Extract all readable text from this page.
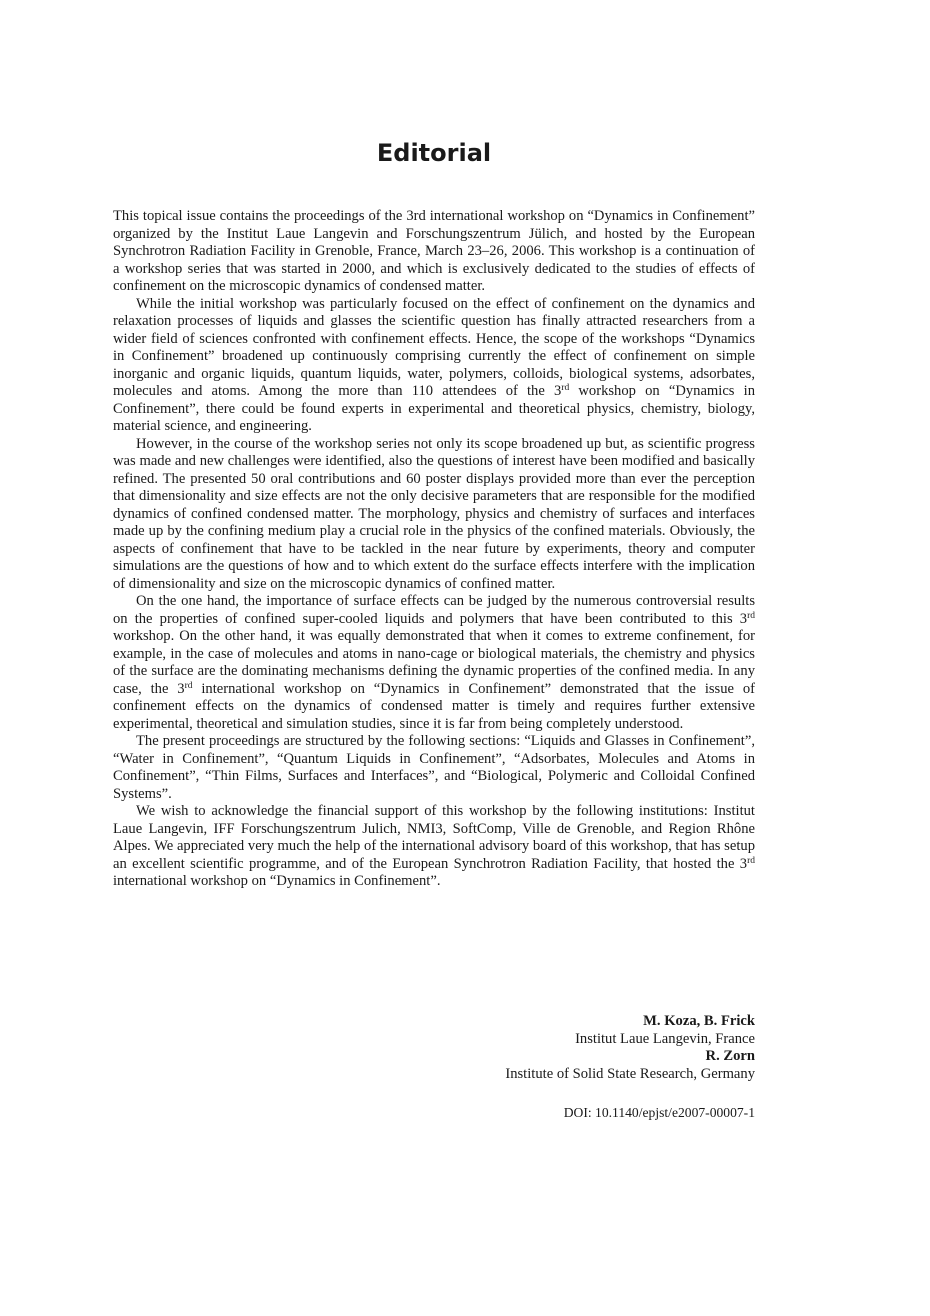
Editorial

This topical issue contains the proceedings of the 3rd international workshop on “Dynamics in Confinement” organized by the Institut Laue Langevin and Forschungszentrum Jülich, and hosted by the European Synchrotron Radiation Facility in Grenoble, France, March 23–26, 2006. This workshop is a continuation of a workshop series that was started in 2000, and which is exclusively dedicated to the studies of effects of confinement on the microscopic dynamics of condensed matter.

While the initial workshop was particularly focused on the effect of confinement on the dynamics and relaxation processes of liquids and glasses the scientific question has finally attracted researchers from a wider field of sciences confronted with confinement effects. Hence, the scope of the workshops “Dynamics in Confinement” broadened up continuously comprising currently the effect of confinement on simple inorganic and organic liquids, quantum liquids, water, polymers, colloids, biological systems, adsorbates, molecules and atoms. Among the more than 110 attendees of the 3rd workshop on “Dynamics in Confinement”, there could be found experts in experimental and theoretical physics, chemistry, biology, material science, and engineering.

However, in the course of the workshop series not only its scope broadened up but, as scientific progress was made and new challenges were identified, also the questions of interest have been modified and basically refined. The presented 50 oral contributions and 60 poster displays provided more than ever the perception that dimensionality and size effects are not the only decisive parameters that are responsible for the modified dynamics of confined condensed matter. The morphology, physics and chemistry of surfaces and interfaces made up by the confining medium play a crucial role in the physics of the confined materials. Obviously, the aspects of confinement that have to be tackled in the near future by experiments, theory and computer simulations are the questions of how and to which extent do the surface effects interfere with the implication of dimensionality and size on the microscopic dynamics of confined matter.

On the one hand, the importance of surface effects can be judged by the numerous controversial results on the properties of confined super-cooled liquids and polymers that have been contributed to this 3rd workshop. On the other hand, it was equally demonstrated that when it comes to extreme confinement, for example, in the case of molecules and atoms in nano-cage or biological materials, the chemistry and physics of the surface are the dominating mechanisms defining the dynamic properties of the confined media. In any case, the 3rd international workshop on “Dynamics in Confinement” demonstrated that the issue of confinement effects on the dynamics of condensed matter is timely and requires further extensive experimental, theoretical and simulation studies, since it is far from being completely understood.

The present proceedings are structured by the following sections: “Liquids and Glasses in Confinement”, “Water in Confinement”, “Quantum Liquids in Confinement”, “Adsorbates, Molecules and Atoms in Confinement”, “Thin Films, Surfaces and Interfaces”, and “Biological, Polymeric and Colloidal Confined Systems”.

We wish to acknowledge the financial support of this workshop by the following institutions: Institut Laue Langevin, IFF Forschungszentrum Julich, NMI3, SoftComp, Ville de Grenoble, and Region Rhône Alpes. We appreciated very much the help of the international advisory board of this workshop, that has setup an excellent scientific programme, and of the European Synchrotron Radiation Facility, that hosted the 3rd international workshop on “Dynamics in Confinement”.

M. Koza, B. Frick
Institut Laue Langevin, France
R. Zorn
Institute of Solid State Research, Germany
DOI: 10.1140/epjst/e2007-00007-1
